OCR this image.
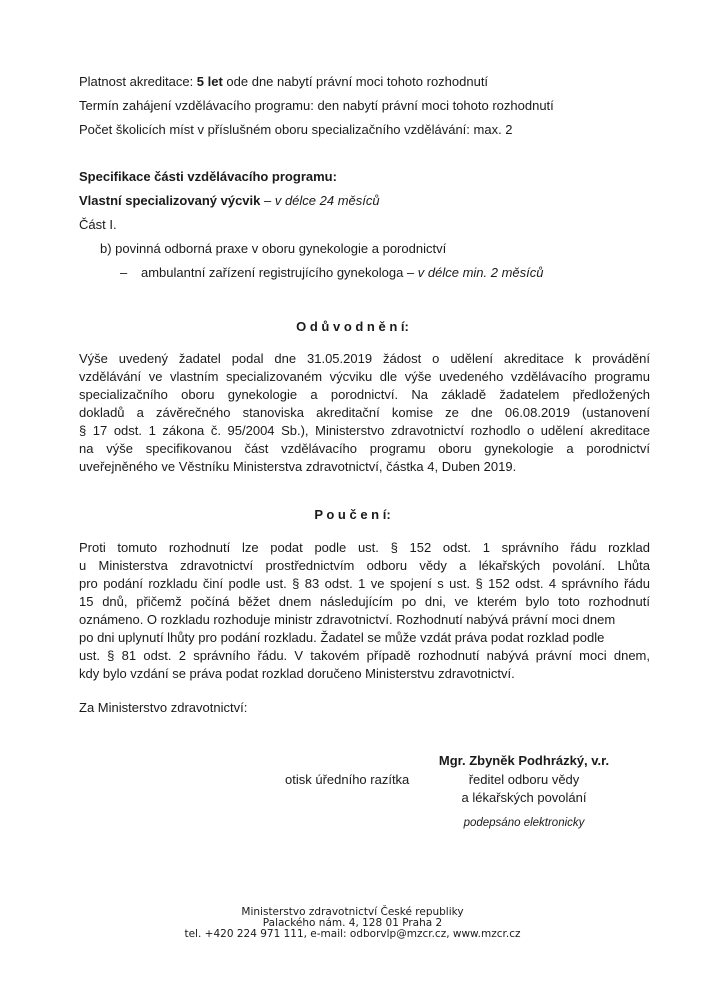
Platnost akreditace: 5 let ode dne nabytí právní moci tohoto rozhodnutí
Termín zahájení vzdělávacího programu: den nabytí právní moci tohoto rozhodnutí
Počet školicích míst v příslušném oboru specializačního vzdělávání: max. 2
Specifikace části vzdělávacího programu:
Vlastní specializovaný výcvik – v délce 24 měsíců
Část I.
b) povinná odborná praxe v oboru gynekologie a porodnictví
– ambulantní zařízení registrujícího gynekologa – v délce min. 2 měsíců
O d ů v o d n ě n í:
Výše uvedený žadatel podal dne 31.05.2019 žádost o udělení akreditace k provádění
vzdělávání ve vlastním specializovaném výcviku dle výše uvedeného vzdělávacího programu
specializačního oboru gynekologie a porodnictví. Na základě žadatelem předložených
dokladů a závěrečného stanoviska akreditační komise ze dne 06.08.2019 (ustanovení
§ 17 odst. 1 zákona č. 95/2004 Sb.), Ministerstvo zdravotnictví rozhodlo o udělení akreditace
na výše specifikovanou část vzdělávacího programu oboru gynekologie a porodnictví
uveřejněného ve Věstníku Ministerstva zdravotnictví, částka 4, Duben 2019.
P o u č e n í:
Proti tomuto rozhodnutí lze podat podle ust. § 152 odst. 1 správního řádu rozklad
u Ministerstva zdravotnictví prostřednictvím odboru vědy a lékařských povolání. Lhůta
pro podání rozkladu činí podle ust. § 83 odst. 1 ve spojení s ust. § 152 odst. 4 správního řádu
15 dnů, přičemž počíná běžet dnem následujícím po dni, ve kterém bylo toto rozhodnutí
oznámeno. O rozkladu rozhoduje ministr zdravotnictví. Rozhodnutí nabývá právní moci dnem
po dni uplynutí lhůty pro podání rozkladu. Žadatel se může vzdát práva podat rozklad podle
ust. § 81 odst. 2 správního řádu. V takovém případě rozhodnutí nabývá právní moci dnem,
kdy bylo vzdání se práva podat rozklad doručeno Ministerstvu zdravotnictví.
Za Ministerstvo zdravotnictví:
otisk úředního razítka
Mgr. Zbyněk Podhrázký, v.r.
ředitel odboru vědy
a lékařských povolání
podepsáno elektronicky
Ministerstvo zdravotnictví České republiky
Palackého nám. 4, 128 01 Praha 2
tel. +420 224 971 111, e-mail: odborvlp@mzcr.cz, www.mzcr.cz
